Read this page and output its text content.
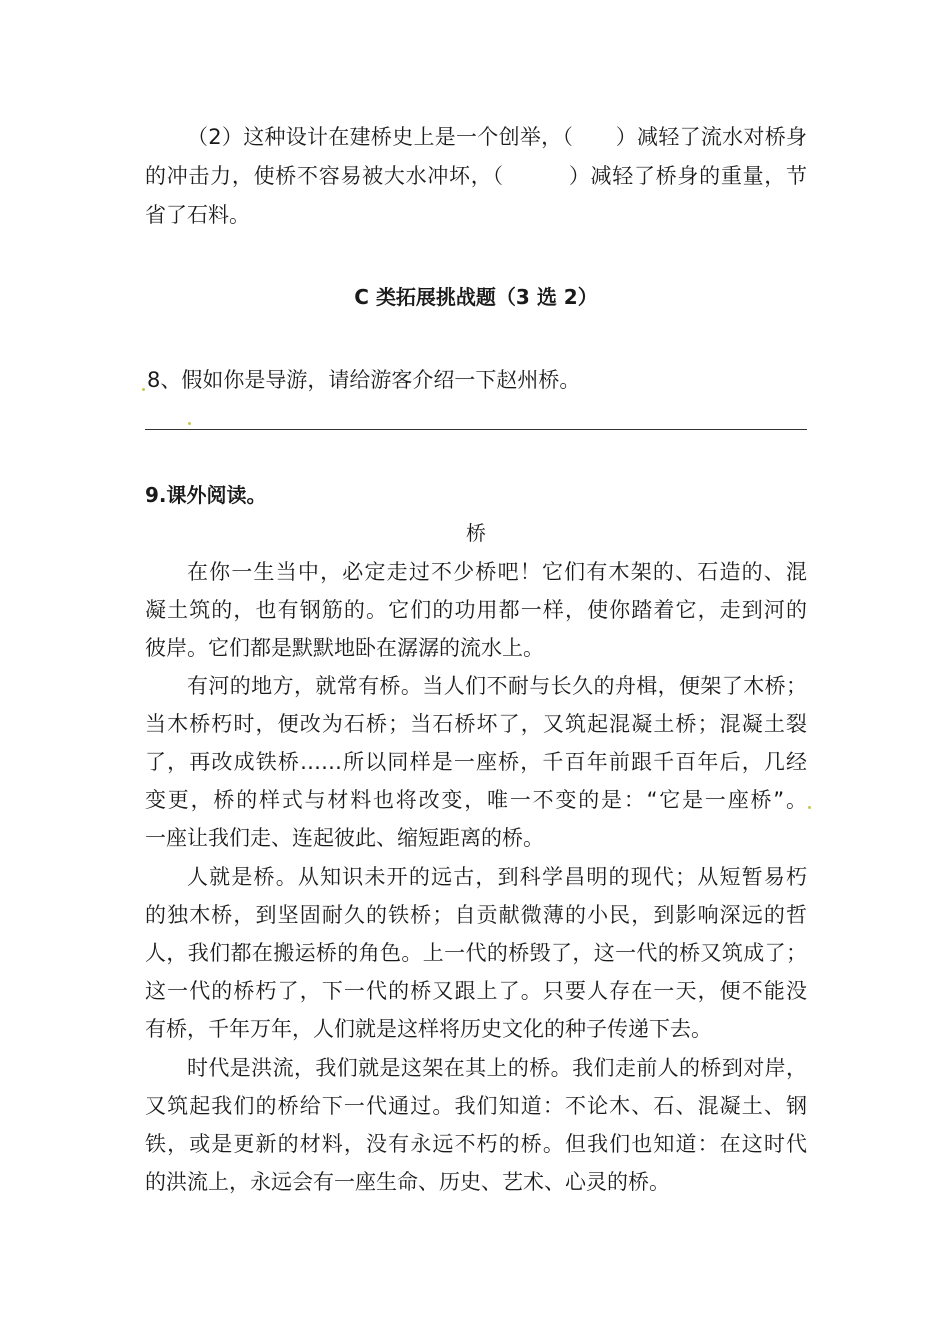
（2）这种设计在建桥史上是一个创举，（　　）减轻了流水对桥身
的冲击力，使桥不容易被大水冲坏，（　　　）减轻了桥身的重量，节
省了石料。
C 类拓展挑战题（3 选 2）
8、假如你是导游，请给游客介绍一下赵州桥。
9.课外阅读。
桥
在你一生当中，必定走过不少桥吧！它们有木架的、石造的、混
凝土筑的，也有钢筋的。它们的功用都一样，使你踏着它，走到河的
彼岸。它们都是默默地卧在潺潺的流水上。
有河的地方，就常有桥。当人们不耐与长久的舟楫，便架了木桥；
当木桥朽时，便改为石桥；当石桥坏了，又筑起混凝土桥；混凝土裂
了，再改成铁桥……所以同样是一座桥，千百年前跟千百年后，几经
变更，桥的样式与材料也将改变，唯一不变的是：“它是一座桥”。
一座让我们走、连起彼此、缩短距离的桥。
人就是桥。从知识未开的远古，到科学昌明的现代；从短暂易朽
的独木桥，到坚固耐久的铁桥；自贡献微薄的小民，到影响深远的哲
人，我们都在搬运桥的角色。上一代的桥毁了，这一代的桥又筑成了；
这一代的桥朽了，下一代的桥又跟上了。只要人存在一天，便不能没
有桥，千年万年，人们就是这样将历史文化的种子传递下去。
时代是洪流，我们就是这架在其上的桥。我们走前人的桥到对岸，
又筑起我们的桥给下一代通过。我们知道：不论木、石、混凝土、钢
铁，或是更新的材料，没有永远不朽的桥。但我们也知道：在这时代
的洪流上，永远会有一座生命、历史、艺术、心灵的桥。
